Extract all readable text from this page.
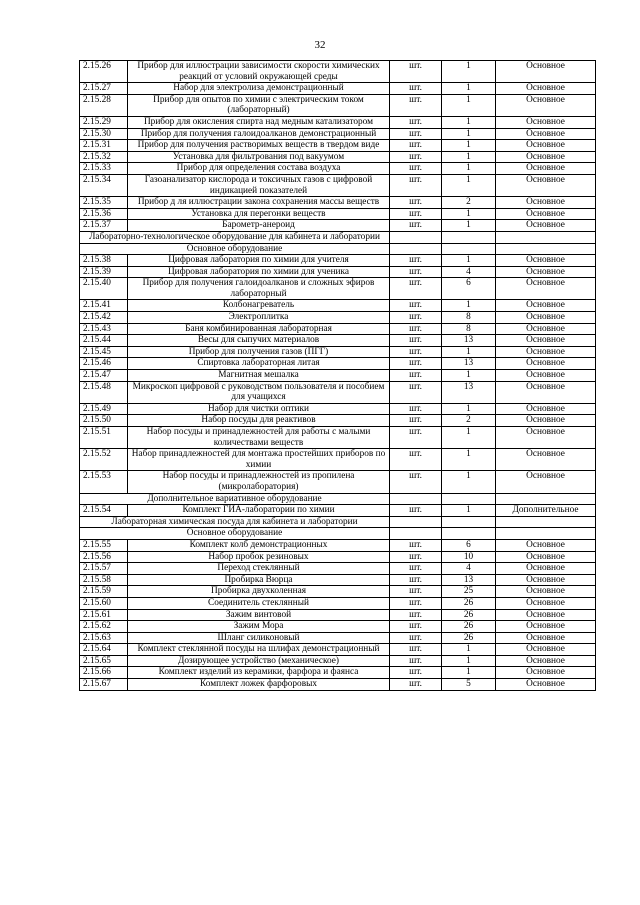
32
2.15.26	Прибор для иллюстрации зависимости скорости химических реакций от условий окружающей среды	шт.	1	Основное
2.15.27	Набор для электролиза демонстрационный	шт.	1	Основное
2.15.28	Прибор для опытов по химии с электрическим током (лабораторный)	шт.	1	Основное
2.15.29	Прибор для окисления спирта над медным катализатором	шт.	1	Основное
2.15.30	Прибор для получения галоидоалканов демонстрационный	шт.	1	Основное
2.15.31	Прибор для получения растворимых веществ в твердом виде	шт.	1	Основное
2.15.32	Установка для фильтрования под вакуумом	шт.	1	Основное
2.15.33	Прибор для определения состава воздуха	шт.	1	Основное
2.15.34	Газоанализатор кислорода и токсичных газов с цифровой индикацией показателей	шт.	1	Основное
2.15.35	Прибор д ля иллюстрации закона сохранения массы веществ	шт.	2	Основное
2.15.36	Установка для перегонки веществ	шт.	1	Основное
2.15.37	Барометр-анероид	шт.	1	Основное
Лабораторно-технологическое оборудование для кабинета и лаборатории				
Основное оборудование				
2.15.38	Цифровая лаборатория по химии для учителя	шт.	1	Основное
2.15.39	Цифровая лаборатория по химии для ученика	шт.	4	Основное
2.15.40	Прибор для получения галоидоалканов и сложных эфиров лабораторный	шт.	6	Основное
2.15.41	Колбонагреватель	шт.	1	Основное
2.15.42	Электроплитка	шт.	8	Основное
2.15.43	Баня комбинированная лабораторная	шт.	8	Основное
2.15.44	Весы для сыпучих материалов	шт.	13	Основное
2.15.45	Прибор для получения газов (ПГГ)	шт.	1	Основное
2.15.46	Спиртовка лабораторная литая	шт.	13	Основное
2.15.47	Магнитная мешалка	шт.	1	Основное
2.15.48	Микроскоп цифровой с руководством пользователя и пособием для учащихся	шт.	13	Основное
2.15.49	Набор для чистки оптики	шт.	1	Основное
2.15.50	Набор посуды для реактивов	шт.	2	Основное
2.15.51	Набор посуды и принадлежностей для работы с малыми количествами веществ	шт.	1	Основное
2.15.52	Набор принадлежностей для монтажа простейших приборов по химии	шт.	1	Основное
2.15.53	Набор посуды и принадлежностей из пропилена (микролаборатория)	шт.	1	Основное
Дополнительное вариативное оборудование				
2.15.54	Комплект ГИА-лаборатории по химии	шт.	1	Дополнительное
Лабораторная химическая посуда для кабинета и лаборатории				
Основное оборудование				
2.15.55	Комплект колб демонстрационных	шт.	6	Основное
2.15.56	Набор пробок резиновых	шт.	10	Основное
2.15.57	Переход стеклянный	шт.	4	Основное
2.15.58	Пробирка Вюрца	шт.	13	Основное
2.15.59	Пробирка двухколенная	шт.	25	Основное
2.15.60	Соединитель стеклянный	шт.	26	Основное
2.15.61	Зажим винтовой	шт.	26	Основное
2.15.62	Зажим Мора	шт.	26	Основное
2.15.63	Шланг силиконовый	шт.	26	Основное
2.15.64	Комплект стеклянной посуды на шлифах демонстрационный	шт.	1	Основное
2.15.65	Дозирующее устройство (механическое)	шт.	1	Основное
2.15.66	Комплект изделий из керамики, фарфора и фаянса	шт.	1	Основное
2.15.67	Комплект ложек фарфоровых	шт.	5	Основное
